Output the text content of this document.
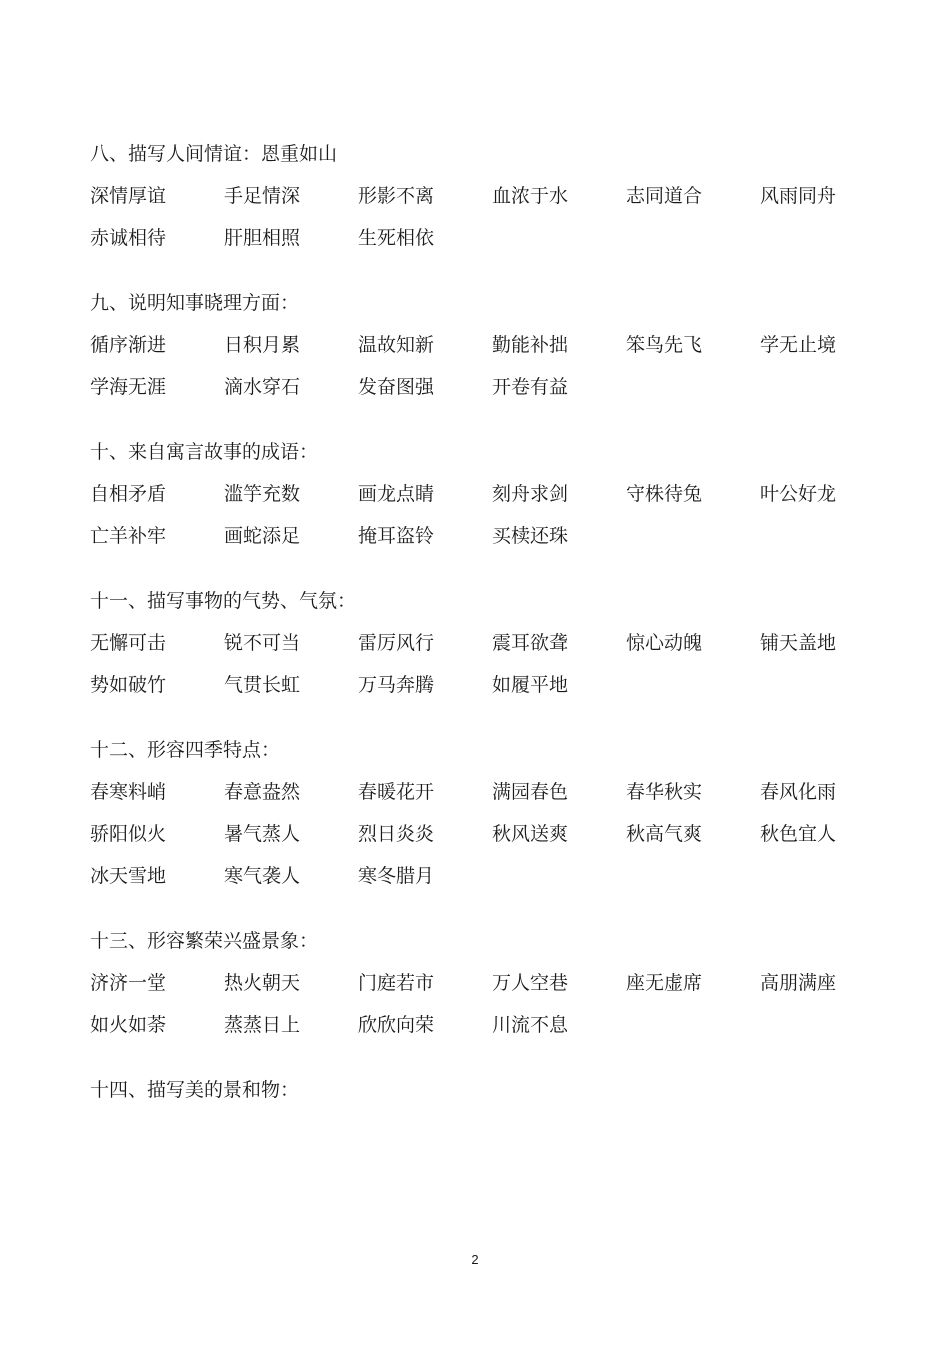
八、描写人间情谊：恩重如山
深情厚谊	手足情深	形影不离	血浓于水	志同道合	风雨同舟
赤诚相待	肝胆相照	生死相依
九、说明知事晓理方面：
循序渐进	日积月累	温故知新	勤能补拙	笨鸟先飞	学无止境
学海无涯	滴水穿石	发奋图强	开卷有益
十、来自寓言故事的成语：
自相矛盾	滥竽充数	画龙点睛	刻舟求剑	守株待兔	叶公好龙
亡羊补牢	画蛇添足	掩耳盗铃	买椟还珠
十一、描写事物的气势、气氛：
无懈可击	锐不可当	雷厉风行	震耳欲聋	惊心动魄	铺天盖地
势如破竹	气贯长虹	万马奔腾	如履平地
十二、形容四季特点：
春寒料峭	春意盎然	春暖花开	满园春色	春华秋实	春风化雨
骄阳似火	暑气蒸人	烈日炎炎	秋风送爽	秋高气爽	秋色宜人
冰天雪地	寒气袭人	寒冬腊月
十三、形容繁荣兴盛景象：
济济一堂	热火朝天	门庭若市	万人空巷	座无虚席	高朋满座
如火如荼	蒸蒸日上	欣欣向荣	川流不息
十四、描写美的景和物：
2
